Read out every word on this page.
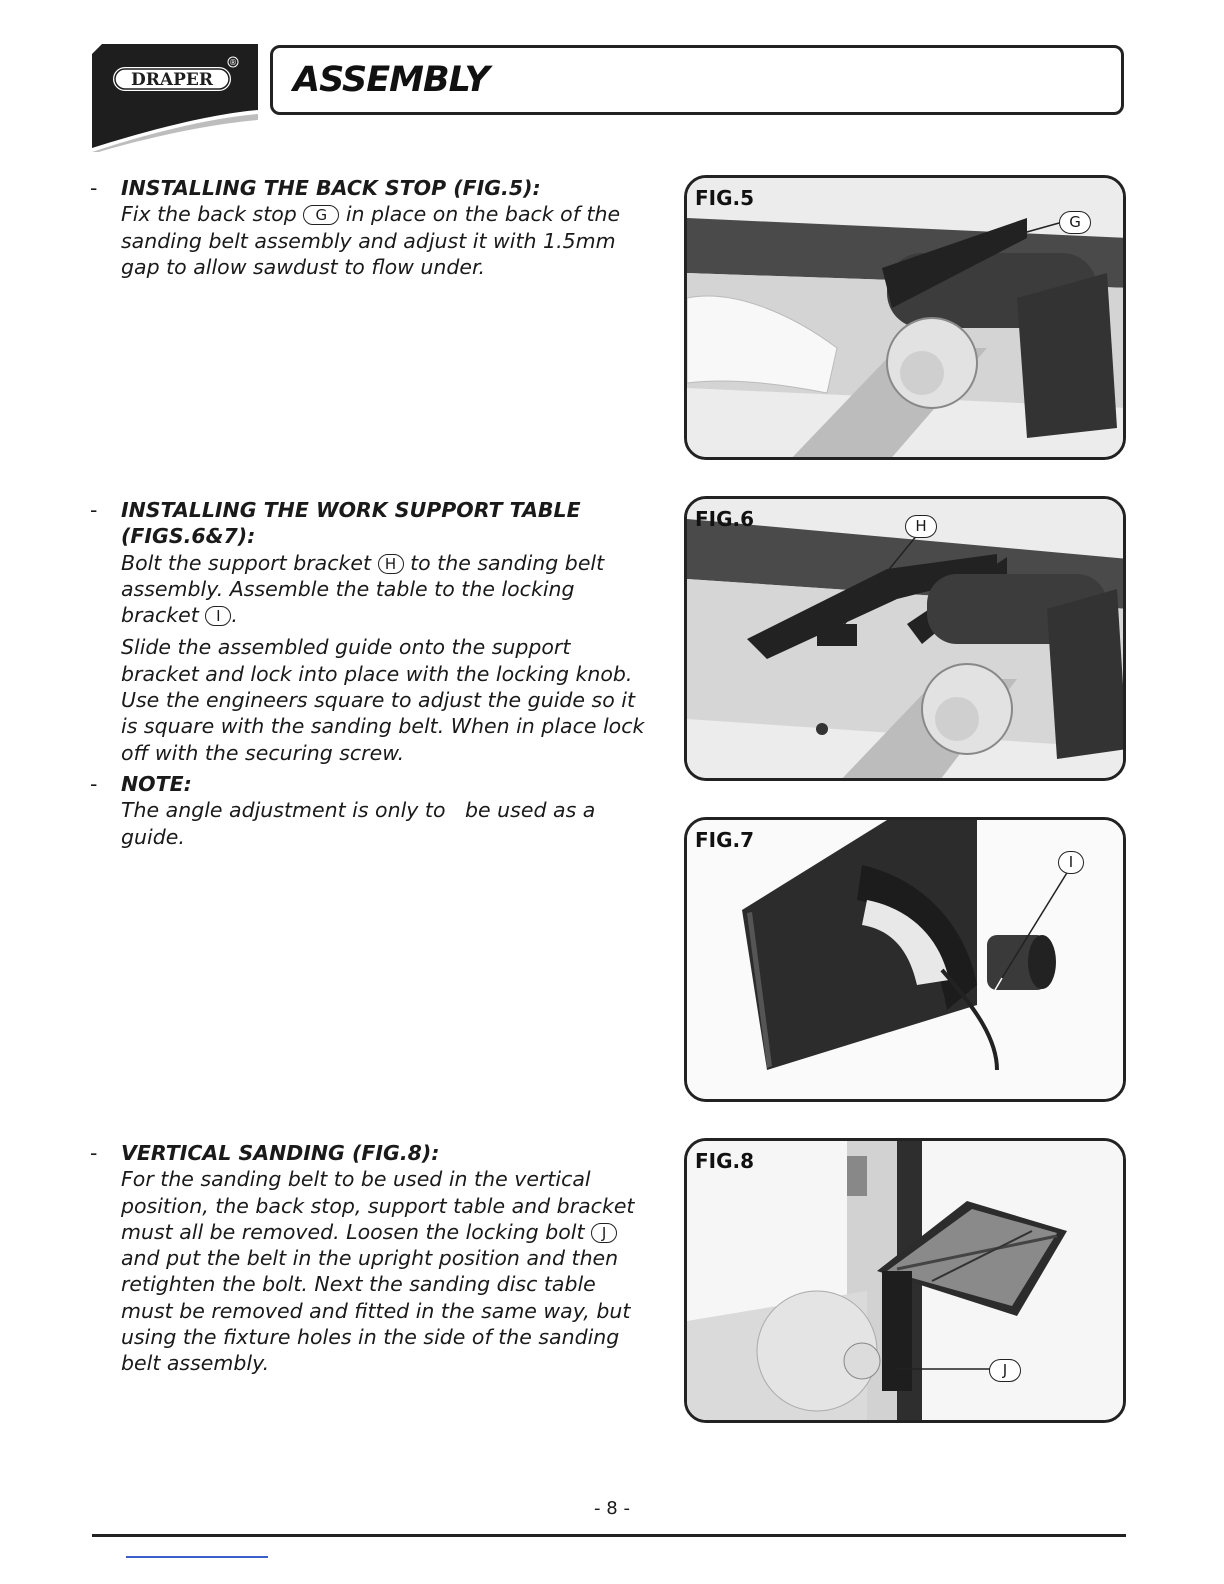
DRAPER
® ASSEMBLY
- INSTALLING THE BACK STOP (FIG.5):

Fix the back stop G in place on the back of the sanding belt assembly and adjust it with 1.5mm gap to allow sawdust to flow under.

- INSTALLING THE WORK SUPPORT TABLE (FIGS.6&7):

Bolt the support bracket H to the sanding belt assembly. Assemble the table to the locking bracket I .

Slide the assembled guide onto the support bracket and lock into place with the locking knob. Use the engineers square to adjust the guide so it is square with the sanding belt. When in place lock off with the securing screw.

- NOTE:

The angle adjustment is only to   be used as a guide.

- VERTICAL SANDING (FIG.8):

For the sanding belt to be used in the vertical position, the back stop, support table and bracket must all be removed. Loosen the locking bolt J and put the belt in the upright position and then retighten the bolt. Next the sanding disc table must be removed and fitted in the same way, but using the fixture holes in the side of the sanding belt assembly.

FIG.5
G
FIG.6	H
FIG.7
I
FIG.8
J
- 8 -
